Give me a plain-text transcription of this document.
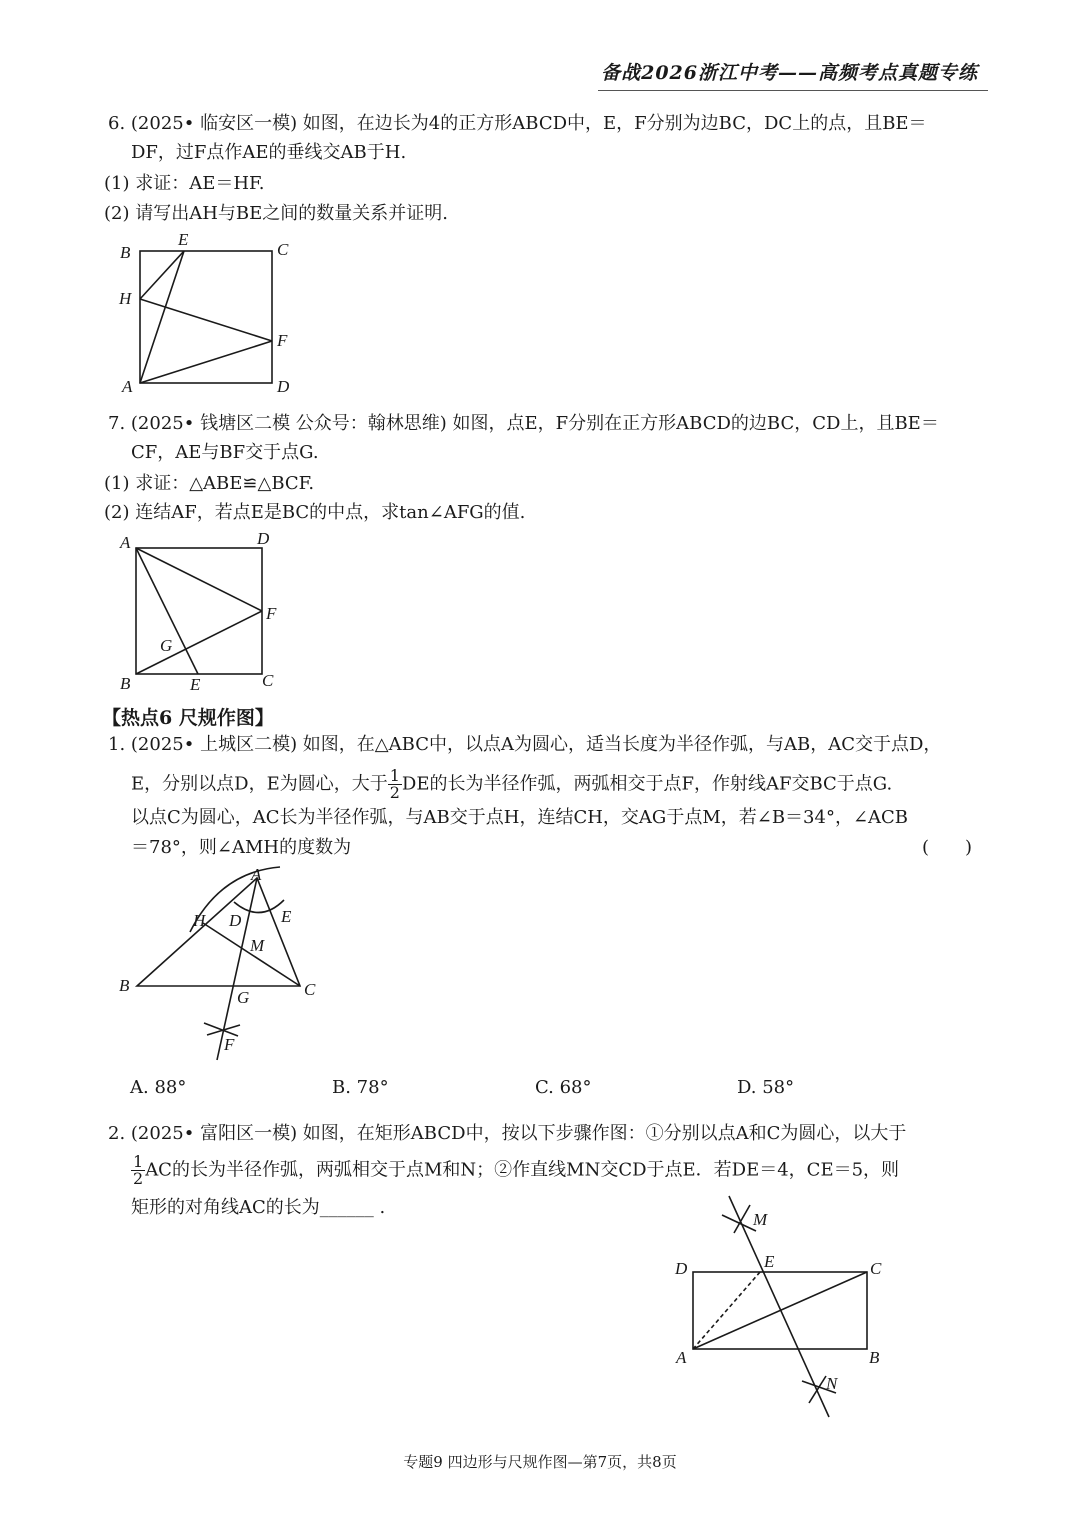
备战2026浙江中考——高频考点真题专练
6. (2025• 临安区一模) 如图，在边长为4的正方形ABCD中，E，F分别为边BC，DC上的点，且BE＝
DF，过F点作AE的垂线交AB于H.
(1) 求证：AE＝HF.
(2) 请写出AH与BE之间的数量关系并证明.
B
E
C
H
F
A	D
7. (2025• 钱塘区二模 公众号：翰林思维) 如图，点E，F分别在正方形ABCD的边BC，CD上，且BE＝
CF，AE与BF交于点G.
(1) 求证：△ABE≌△BCF.
(2) 连结AF，若点E是BC的中点，求tan∠AFG的值.
A	D
F
G
B	E	C
【热点6 尺规作图】
1. (2025• 上城区二模) 如图，在△ABC中，以点A为圆心，适当长度为半径作弧，与AB，AC交于点D，
E，分别以点D，E为圆心，大于 $\frac{1}{2}$ DE的长为半径作弧，两弧相交于点F，作射线AF交BC于点G.
以点C为圆心，AC长为半径作弧，与AB交于点H，连结CH，交AG于点M，若∠B＝34°，∠ACB
＝78°，则∠AMH的度数为	(　　)
A
H D E
M
B
G	C
F
A. 88°	B. 78°	C. 68°	D. 58°
2. (2025• 富阳区一模) 如图，在矩形ABCD中，按以下步骤作图：①分别以点A和C为圆心，以大于
$\frac{1}{2}$ AC的长为半径作弧，两弧相交于点M和N；②作直线MN交CD于点E．若DE＝4，CE＝5，则
矩形的对角线AC的长为______ .
M
D	E	C
A	B
N
专题9 四边形与尺规作图—第7页，共8页
